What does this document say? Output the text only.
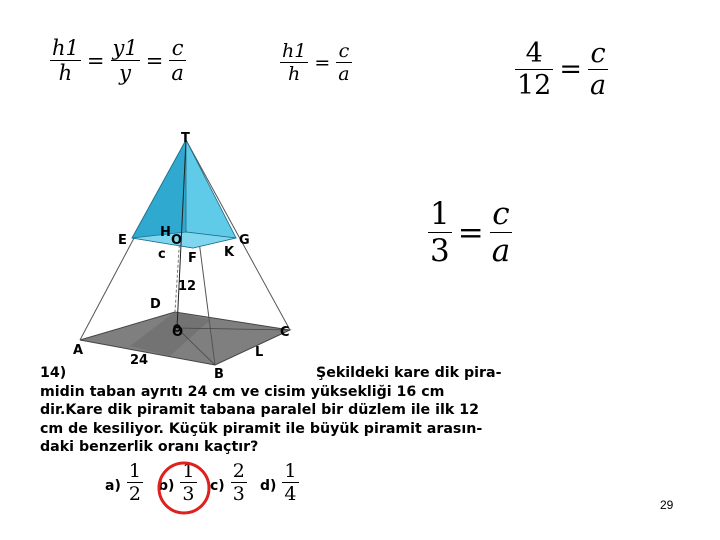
$\frac{h1}{h} = \frac{y1}{y} = \frac{c}{a}$	$\frac{h1}{h} = \frac{c}{a}$	$\frac{4}{12} = \frac{c}{a}$
$\frac{1}{3} = \frac{c}{a}$
T
E
H
O	G
c F K
12
D
O	C
A	L
24
B
14)	Şekildeki kare dik pira-
midin taban ayrıtı 24 cm ve cisim yüksekliği 16 cm
dir.Kare dik piramit tabana paralel bir düzlem ile ilk 12
cm de kesiliyor. Küçük piramit ile büyük piramit arasın-
daki benzerlik oranı kaçtır?
$a) \frac{1}{2} b) \frac{1}{3} c) \frac{2}{3} d) \frac{1}{4}$	29
